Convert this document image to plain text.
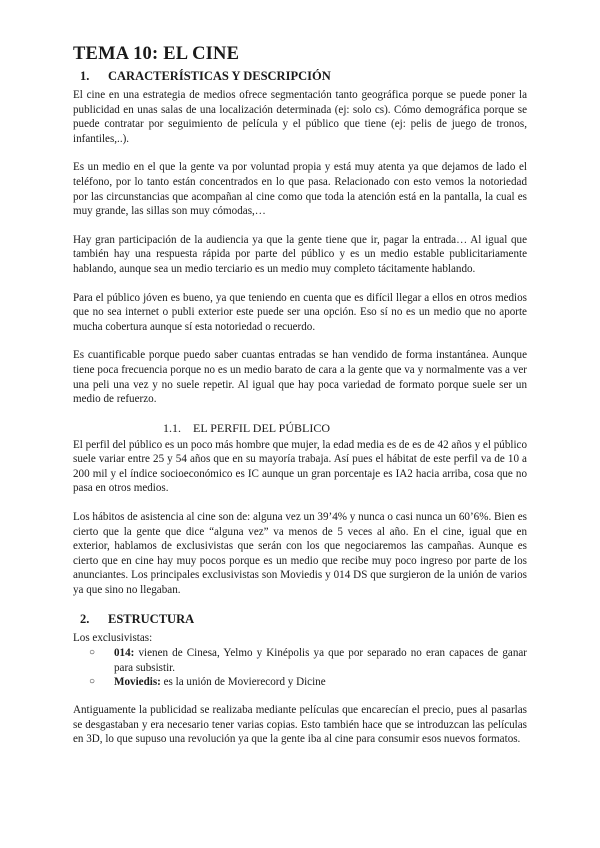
TEMA 10: EL CINE
1.	CARACTERÍSTICAS Y DESCRIPCIÓN

El cine en una estrategia de medios ofrece segmentación tanto geográfica porque se puede poner la publicidad en unas salas de una localización determinada (ej: solo cs). Cómo demográfica porque se puede contratar por seguimiento de película y el público que tiene (ej: pelis de juego de tronos, infantiles,..).

Es un medio en el que la gente va por voluntad propia y está muy atenta ya que dejamos de lado el teléfono, por lo tanto están concentrados en lo que pasa. Relacionado con esto vemos la notoriedad por las circunstancias que acompañan al cine como que toda la atención está en la pantalla, la cual es muy grande, las sillas son muy cómodas,…

Hay gran participación de la audiencia ya que la gente tiene que ir, pagar la entrada… Al igual que también hay una respuesta rápida por parte del público y es un medio estable publicitariamente hablando, aunque sea un medio terciario es un medio muy completo tácitamente hablando.

Para el público jóven es bueno, ya que teniendo en cuenta que es difícil llegar a ellos en otros medios que no sea internet o publi exterior este puede ser una opción. Eso sí no es un medio que no aporte mucha cobertura aunque sí esta notoriedad o recuerdo.

Es cuantificable porque puedo saber cuantas entradas se han vendido de forma instantánea. Aunque tiene poca frecuencia porque no es un medio barato de cara a la gente que va y normalmente vas a ver una peli una vez y no suele repetir. Al igual que hay poca variedad de formato porque suele ser un medio de refuerzo.

1.1.	EL PERFIL DEL PÚBLICO

El perfil del público es un poco más hombre que mujer, la edad media es de es de 42 años y el público suele variar entre 25 y 54 años que en su mayoría trabaja. Así pues el hábitat de este perfil va de 10 a 200 mil y el índice socioeconómico es IC aunque un gran porcentaje es IA2 hacia arriba, cosa que no pasa en otros medios.

Los hábitos de asistencia al cine son de: alguna vez un 39’4% y nunca o casi nunca un 60’6%. Bien es cierto que la gente que dice “alguna vez” va menos de 5 veces al año. En el cine, igual que en exterior, hablamos de exclusivistas que serán con los que negociaremos las campañas. Aunque es cierto que en cine hay muy pocos porque es un medio que recibe muy poco ingreso por parte de los anunciantes. Los principales exclusivistas son Moviedis y 014 DS que surgieron de la unión de varios ya que sino no llegaban.

2.	ESTRUCTURA

Los exclusivistas:

○ 014: vienen de Cinesa, Yelmo y Kinépolis ya que por separado no eran capaces de ganar para subsistir.
○ Moviedis: es la unión de Movierecord y Dicine

Antiguamente la publicidad se realizaba mediante películas que encarecían el precio, pues al pasarlas se desgastaban y era necesario tener varias copias. Esto también hace que se introduzcan las películas en 3D, lo que supuso una revolución ya que la gente iba al cine para consumir esos nuevos formatos.
